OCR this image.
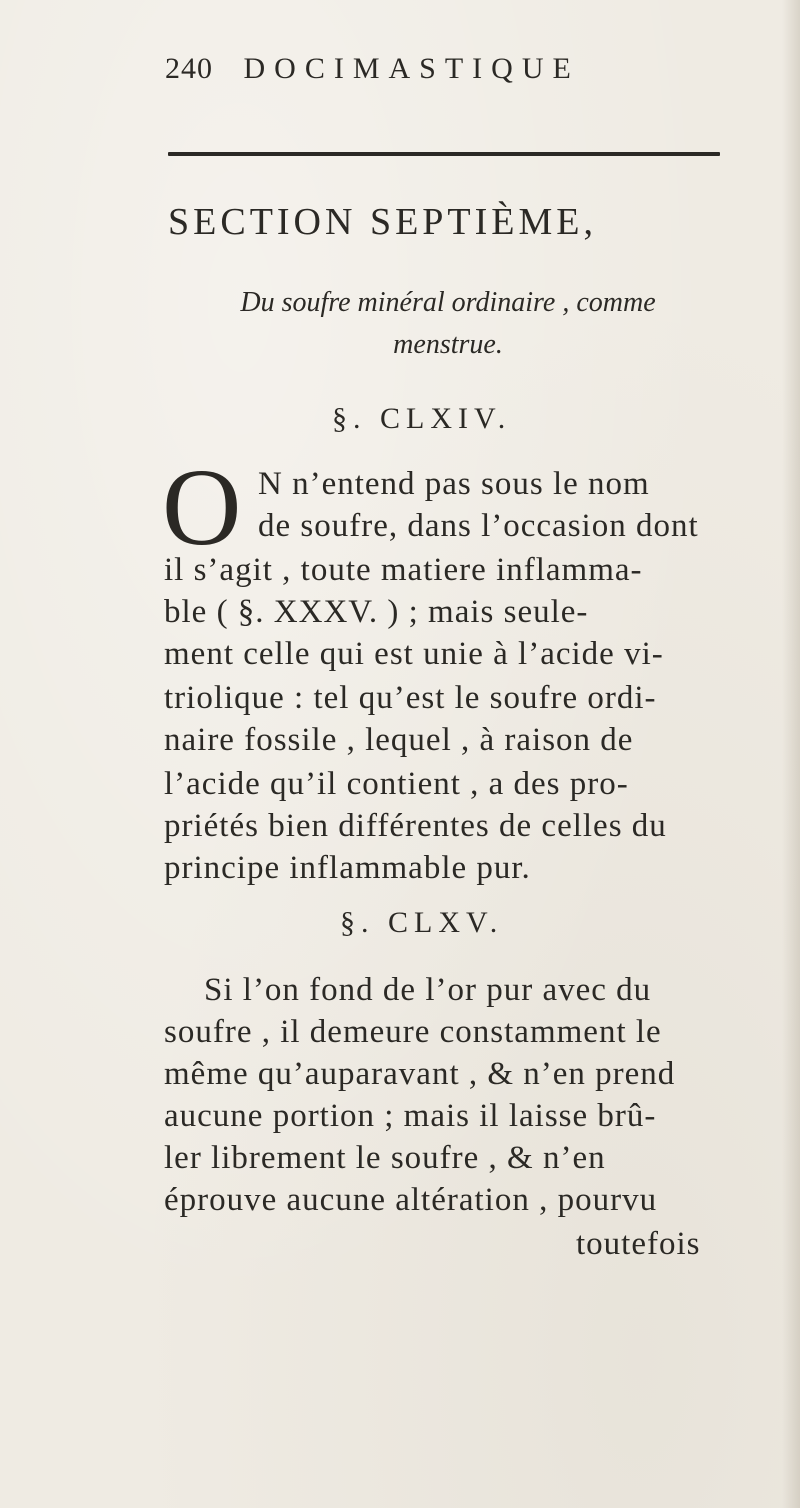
240 DOCIMASTIQUE
SECTION SEPTIÈME,
Du soufre minéral ordinaire , comme
menstrue.
§. CLXIV.
O N n’entend pas sous le nom
de soufre, dans l’occasion dont
il s’agit , toute matiere inflamma-
ble ( §. XXXV. ) ; mais seule-
ment celle qui est unie à l’acide vi-
triolique : tel qu’est le soufre ordi-
naire fossile , lequel , à raison de
l’acide qu’il contient , a des pro-
priétés bien différentes de celles du
principe inflammable pur.
§. CLXV.
Si l’on fond de l’or pur avec du
soufre , il demeure constamment le
même qu’auparavant , & n’en prend
aucune portion ; mais il laisse brû-
ler librement le soufre , & n’en
éprouve aucune altération , pourvu
toutefois
